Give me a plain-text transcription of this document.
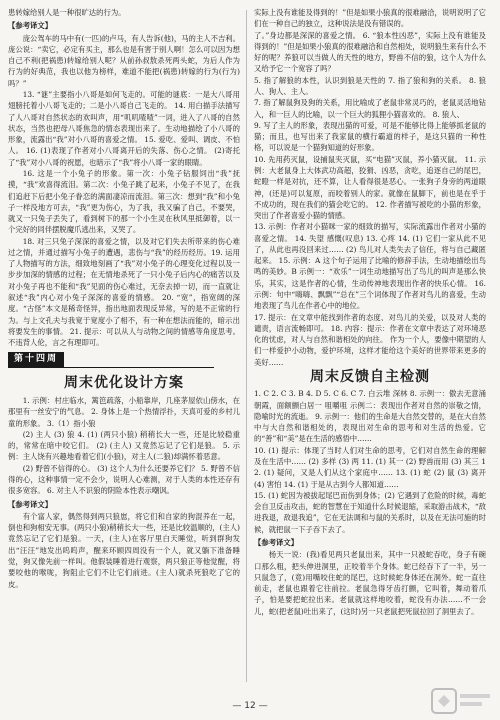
患转嫁给别人是一种很旷达的行为。

【参考译文】

庞公驾车的马中有(一匹)的卢马，有人告诉(他)，马的主人不吉利。庞公说：“卖它，必定有买主，那么也是有害于别人啊！怎么可以因为想自己不利(把祸患)转嫁给别人呢？从前孙叔敖杀死两头蛇，为后人作为行为的好典范，我也以他为榜样，难道不能把(祸患)转嫁的行为(行为)吗？”

13. “谜”主要指小八哥是如何飞走的。可能的谜底：一是大八哥用翅膀托着小八哥飞走的；二是小八哥自己飞走的。 14. 用白描手法描写了人八哥对自然状态的欢叫声，用“叽叽喳喳”一词，进入了八哥的自然状态，当然也把母八哥焦急的情态表现出来了。生动地描绘了小八哥的形象，流露出“我”对小八哥的喜爱之情。 15. 爱吃、爱叫、调皮、不怕人。 16. (1)表现了作者对小八哥离开后的失落、伤心之情。 (2)寄托了“我”对小八哥的祝愿，也暗示了“我”将小八哥一家的眼睛。

16. 这是一个小兔子的形象。第一次：小兔子钻服饲出“我”抚摸，“我”欢喜得流泪。第二次：小兔子跳了起来，小兔子不见了，在我们追赶下后把小兔子眷恋的满面凄凉而流泪。第三次：想到“我”和小兔子一样没地方可去，“我”更为伤心，为了我，我又骗了自己，不要哭，就又一只兔子丢失了，看到树下的那一个小生灵在秋风里抵御着，以一个完好的同伴摆脱魔爪逃出来，又哭了。

18. 对三只兔子深深的喜爱之情，以及对它们失去所带来的伤心难过之情，并通过描写小兔子的遭遇，悲伤与“我”的经历经历。19. 运用了人物描写的方法，细致地刻画了“我”对小兔子的心理变化过程以及一步步加深的情感的过程；在无情地杀死了一只小兔子后内心的痛苦以及对小兔子再也不能和“我”见面的伤心难过，无奈去掉一切，而一直就让叙述“我”内心对小兔子深深的喜爱的情感。 20. “宽”，指宽阔的深度。“古怪”本文是稀奇怪异，指出地面表现反异常，写的是不正常的行为。与上文孔夫与我宽于宽度小了相不，有一种在想法而能的，暗示出将要发生的事情。 21. 提示：可以从人与动物之间的情感等角度思考。不违背人伦，言之有理即可。

第十四周
周末优化设计方案

1. 示例：村庄临水，篱笆疏落，小船靠岸，几座茅屋依山傍水，在那里有一丝安宁的气息。 2. 身体上是一个热情浮扑，天真可爱的乡村儿童的形象。 3.（1）指小狼

(2) 主人 (3) 狼 4. (1) (两只小狼) 稍稍长大一些，还是比较稳重的，常常在暗中咬它们。 (2) (主人) 又竟然忘记了它们是狼。 5. 示例：主人饶有兴趣地看着它们(小狼)，对主人(二狼)却满怀着恶意。

(2) 野曾不信得的心。 (3) 这个人为什么还要养它们？ 5. 野曾不信得的心，这种事情一定不会少，说明人心难测，对于人类的本性还存有很多宽容。 6. 对主人不识狼的阴险本性表示嘲讽。

【参考译文】

有个富人家，偶然得到两只狼崽，将它们和自家的狗混养在一起，倒也和狗相安无事。(两只小狼)稍稍长大一些，还是比较温顺的，(主人)竟然忘记了它们是狼。一天，(主人)在客厅里白天睡觉，听到群狗发出“汪汪”地发出呜呜声，醒来环顾四周没有一个人，就又躺下准备睡觉，狗又像先前一样叫。他假装睡着进行观察，两只狼正等他觉醒，将要咬他的喉咙，狗阻止它们不让它们前进。(主人)就杀死狼吃了它的皮。

实际上没有谁能及得到的！”但是如果小狼真的很难融洽，说明说明了它们在一种自己的独立，这种说法是没有错误的。

了。”身边都是深深的喜爱之情。 6. “狼本性凶恶”，实际上没有谁能及得到的！”但是如果小狼真的很难融洽和自然相处，说明狼生来有什么不好的呢？养狼可以当做人的天性的地方，野兽不信的狼，这个人为什么又给予它一个宽容了吗？

5. 指了解狼的本性，认识到狼是天性的 7. 指了狼和狗的关系。 8. 狼人、狗人、主人。

7. 指了解鼠狗及狗的关系，用比喻成了老鼠非常灵巧的，老鼠灵活地钻入，和一巨人的比喻，以一个巨大的狐狸小猫喜欢的。 8. 狼人、

9. 写了主人的形象，表现出猫的可爱，可是不能够比得上能够抓老鼠的猫；而且，也写出来了我家鼠的横行霸道的样子，是这只猫的一种性格，可以说是一个猫狗知道的好形象。

10. 先用药灭鼠，设捕鼠夹灭鼠，买“电猫”灭鼠，养小猫灭鼠。 11. 示例：大老鼠身上大体武功高超，狡猾、凶恶，贪吃，追逐自己的尾巴，蛇瞪一样是对抗，还不算，让人看得很是恶心。一张狗子身旁的两道眼神，(还是)可以复原，而咬着别人的家。就像在鼠脚下，前也是在乎于不成功的，现在我们的猫会吃它的。 12. 作者描写被吃的小猫的形象，突出了作者喜爱小猫的情感。

13. 示例：作者对小猫咪一家的细致的描写，实际流露出作者对小猫的喜爱之情。 14. 失望 感慨(叹息) 13. 心疼 14. (1) 它们一家从此不见了，从此也再没回来过…… (2) 鸟儿对人类失去了信任，将与自己藏匿起来。 15. 示例：A 这个句子运用了比喻的修辞手法，生动地描绘出鸟鸣的美妙。B 示例一：“欢乐”一词生动地描写出了鸟儿的叫声是那么快乐，其实，这是作者的心情，生动传神地表现出作者的快乐心情。 16. 示例：句中“嗨嗨、飘飘”“总在”三个词体现了作者对鸟儿的喜爱，生动地表现了鸟儿在作者心中的地位。

17. 提示：在文章中能找到作者的态度、对鸟儿的关爱，以及对人类的谴责，语言流畅即可。 18. 内容：提示：作者在文章中表达了对环境恶化的忧虑，对人与自然和谐相处的向往。 作为一个人，要像中期望的人们一样爱护小动物，爱护环境，这样才能给这个美好的世界带来更多的美好……

周末反馈自主检测

1. C 2. C 3. B 4. D 5. C 6. C 7. 白云堆 深林 8. 示例一：傲去无意涌朝霞，面额颤白居一 咀嚼咀 示例二：表现出作者对自然的崇敬之情，隐喻时光的流逝。 9. 示例一：他们的生命是大自然交替的，是在大自然中与大自然和谐相处的，表现出对生命的思考和对生活的热爱。它的“善”和“美”是在生活的感悟中……

10. (1) 提示：体现了当时人们对生命的思考，它们对自然生命的理解及在生活中…… (2) 多样 (3) 两 11. (1) 其一 (2) 野兽而用 (3) 其三 12. (1) 疑问，又是人们从这个家庭中…… 13. (1) 蛇 (2) 鼠 (3) 离开 (4) 害怕 14. (1) 于是从古到今人都知道……

15. (1) 蛇因为被拔起尾巴而伤到身体；(2) 它遇到了危险的时候，毒蛇会自卫反击攻击，蛇的智慧在于知道什么时候退缩，采取游击战术，“敌进我退，敌退我追”，它在无法调和与鼠的关系时，以及在无法可施的时候，就把鼠一下子吞下去了。

【参考译文】

杨天一说：(我)看见两只老鼠出来，其中一只被蛇吞吃，身子有碗口那么粗，把头伸进洞里，正咬着半个身体。蛇已经吞下了一半，另一只鼠急了，(竟)用嘴咬住蛇的尾巴，这时候蛇身体还在洞外。蛇一直往前走，老鼠也跟着它往前拉。老鼠急得牙齿打颤，它叫着，舞动着爪子，怕是要把蛇拉出来。老鼠就这样地咬着，蛇没有办法……不一会儿，蛇(把老鼠)吐出来了，(这时)另一只老鼠把死鼠拉回了洞里去了。

— 12 —
